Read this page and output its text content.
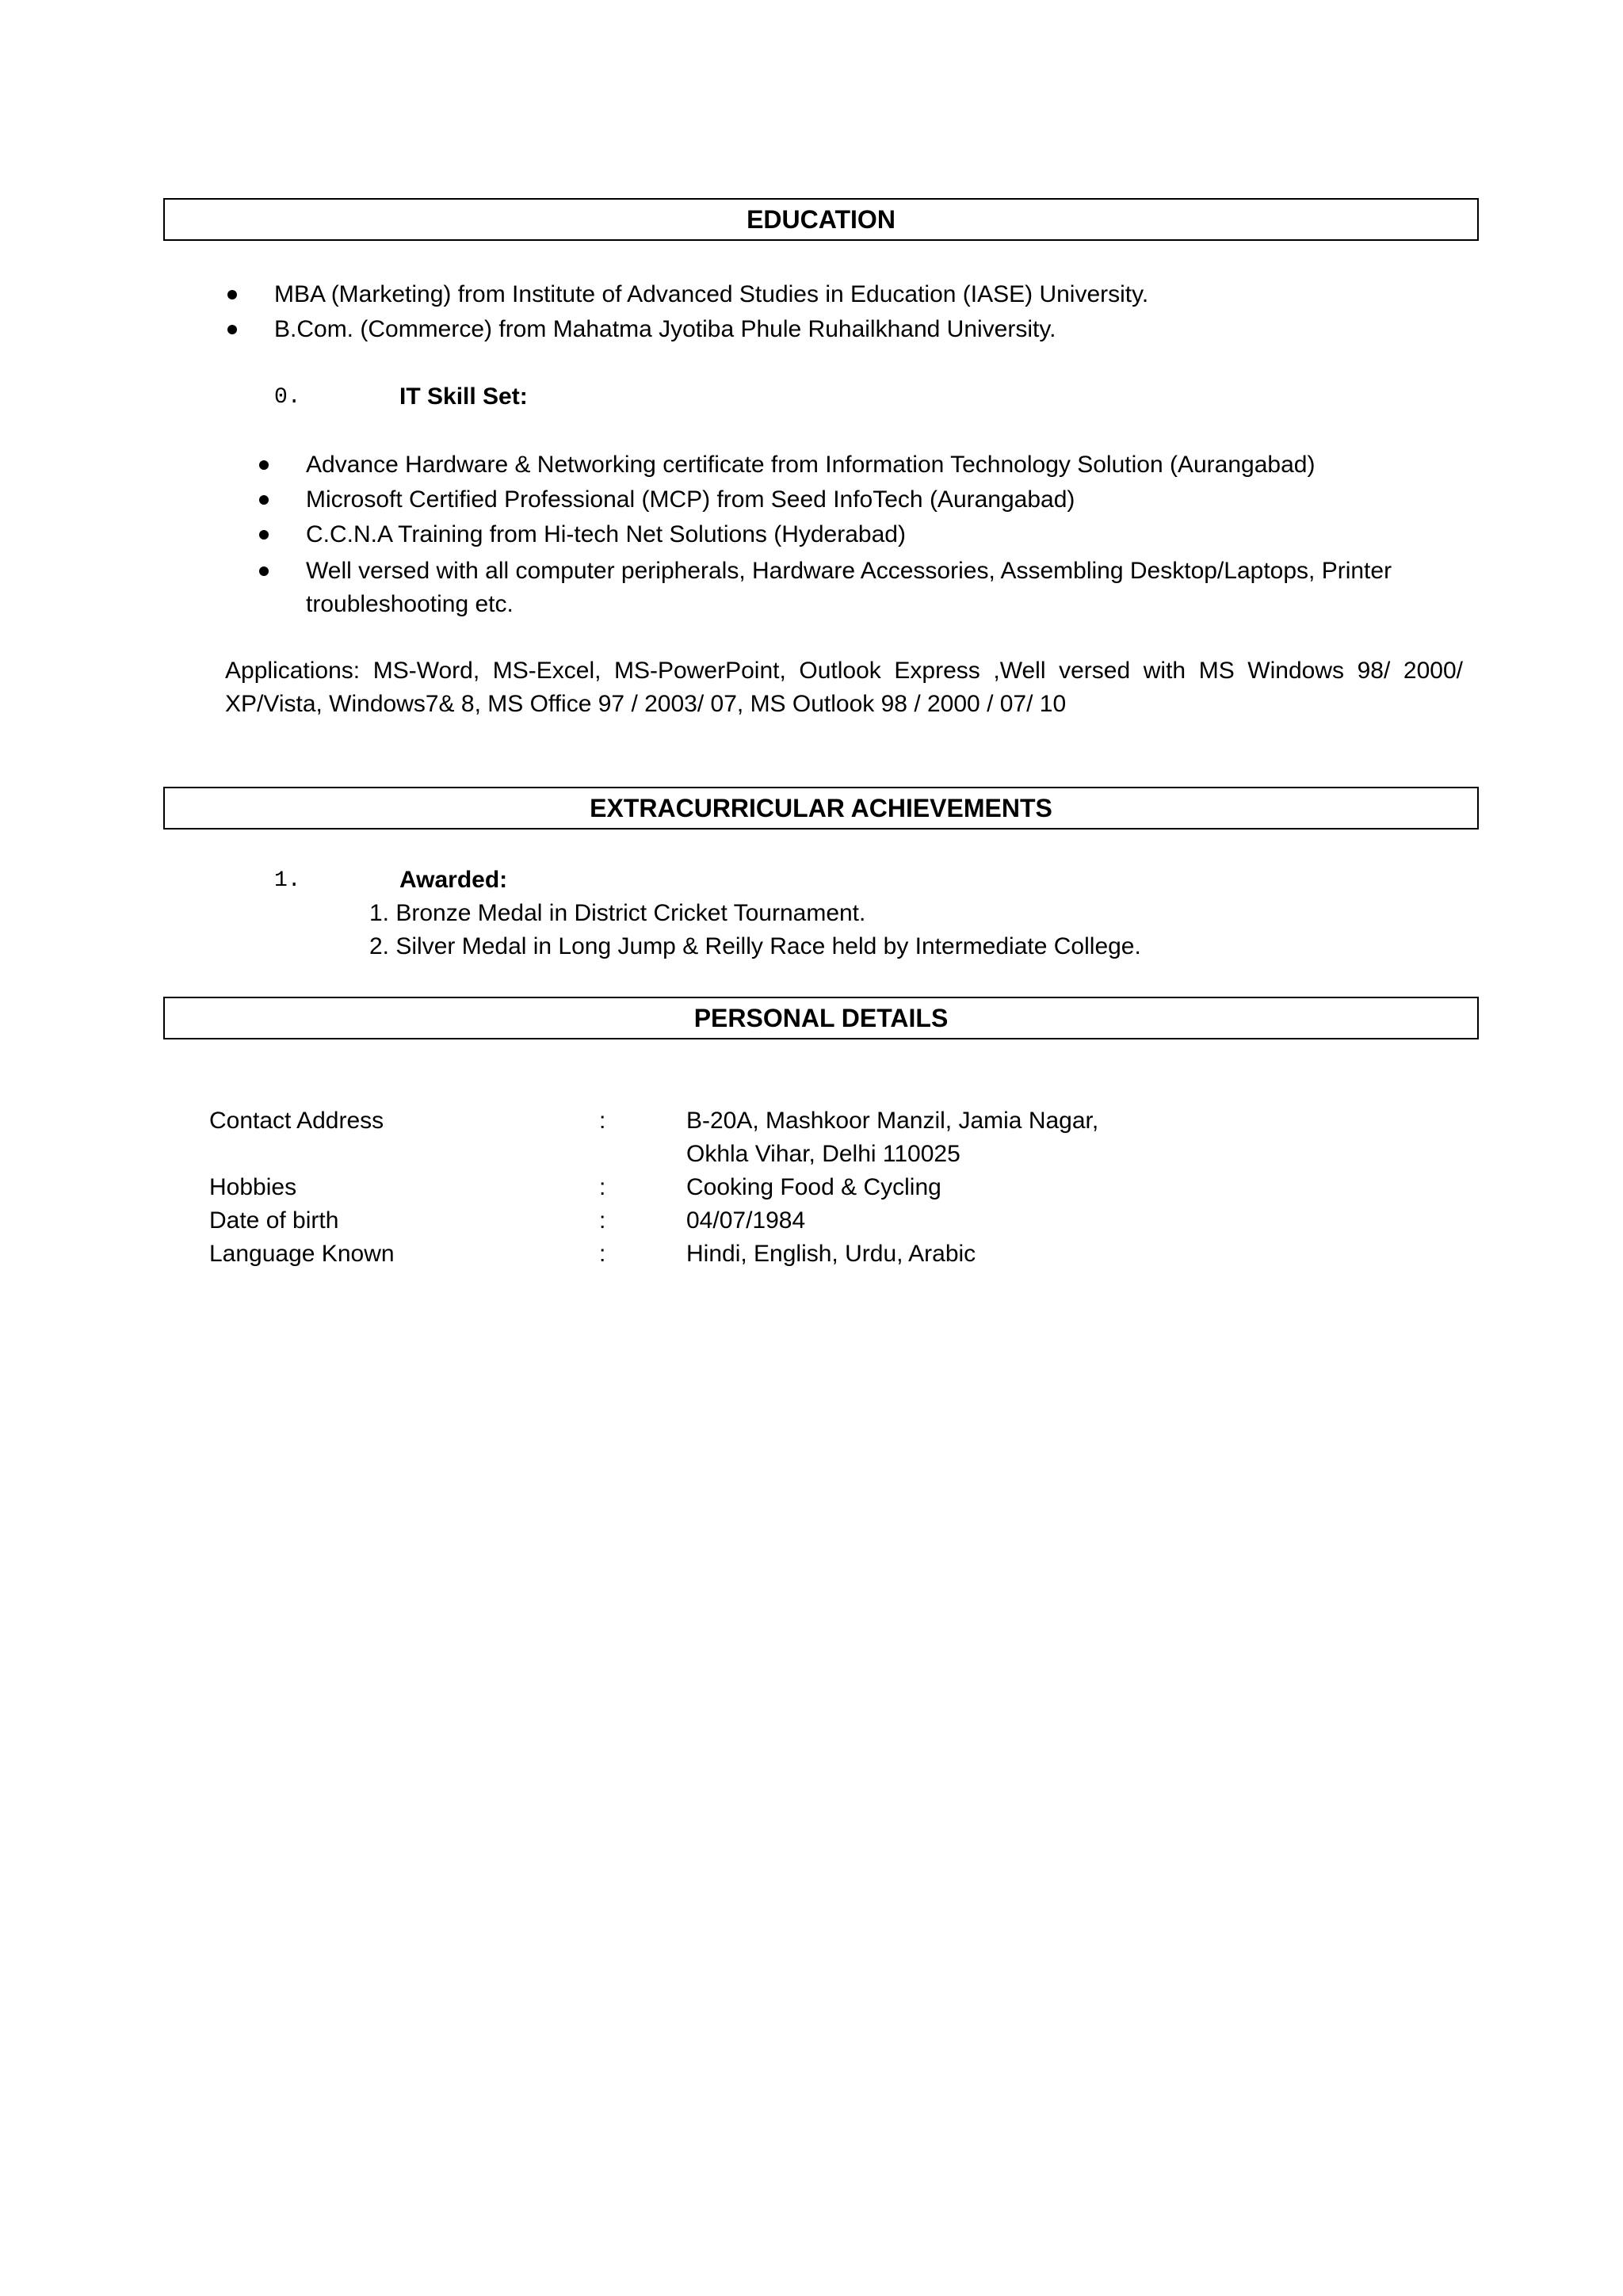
EDUCATION
MBA (Marketing) from Institute of Advanced Studies in Education (IASE) University.
B.Com. (Commerce) from Mahatma Jyotiba Phule Ruhailkhand University.
0.	IT Skill Set:
Advance Hardware & Networking certificate from Information Technology Solution (Aurangabad)
Microsoft Certified Professional (MCP) from Seed InfoTech (Aurangabad)
C.C.N.A Training from Hi-tech Net Solutions (Hyderabad)
Well versed with all computer peripherals, Hardware Accessories, Assembling Desktop/Laptops, Printer
troubleshooting etc.
Applications: MS-Word, MS-Excel, MS-PowerPoint, Outlook Express ,Well versed with MS Windows 98/ 2000/
XP/Vista, Windows7& 8, MS Office 97 / 2003/ 07, MS Outlook 98 / 2000 / 07/ 10
EXTRACURRICULAR ACHIEVEMENTS
1.	Awarded:
1. Bronze Medal in District Cricket Tournament.
2. Silver Medal in Long Jump & Reilly Race held by Intermediate College.
PERSONAL DETAILS
Contact Address	:	B-20A, Mashkoor Manzil, Jamia Nagar,
Okhla Vihar, Delhi 110025
Hobbies	:	Cooking Food & Cycling
Date of birth	:	04/07/1984
Language Known	:	Hindi, English, Urdu, Arabic
